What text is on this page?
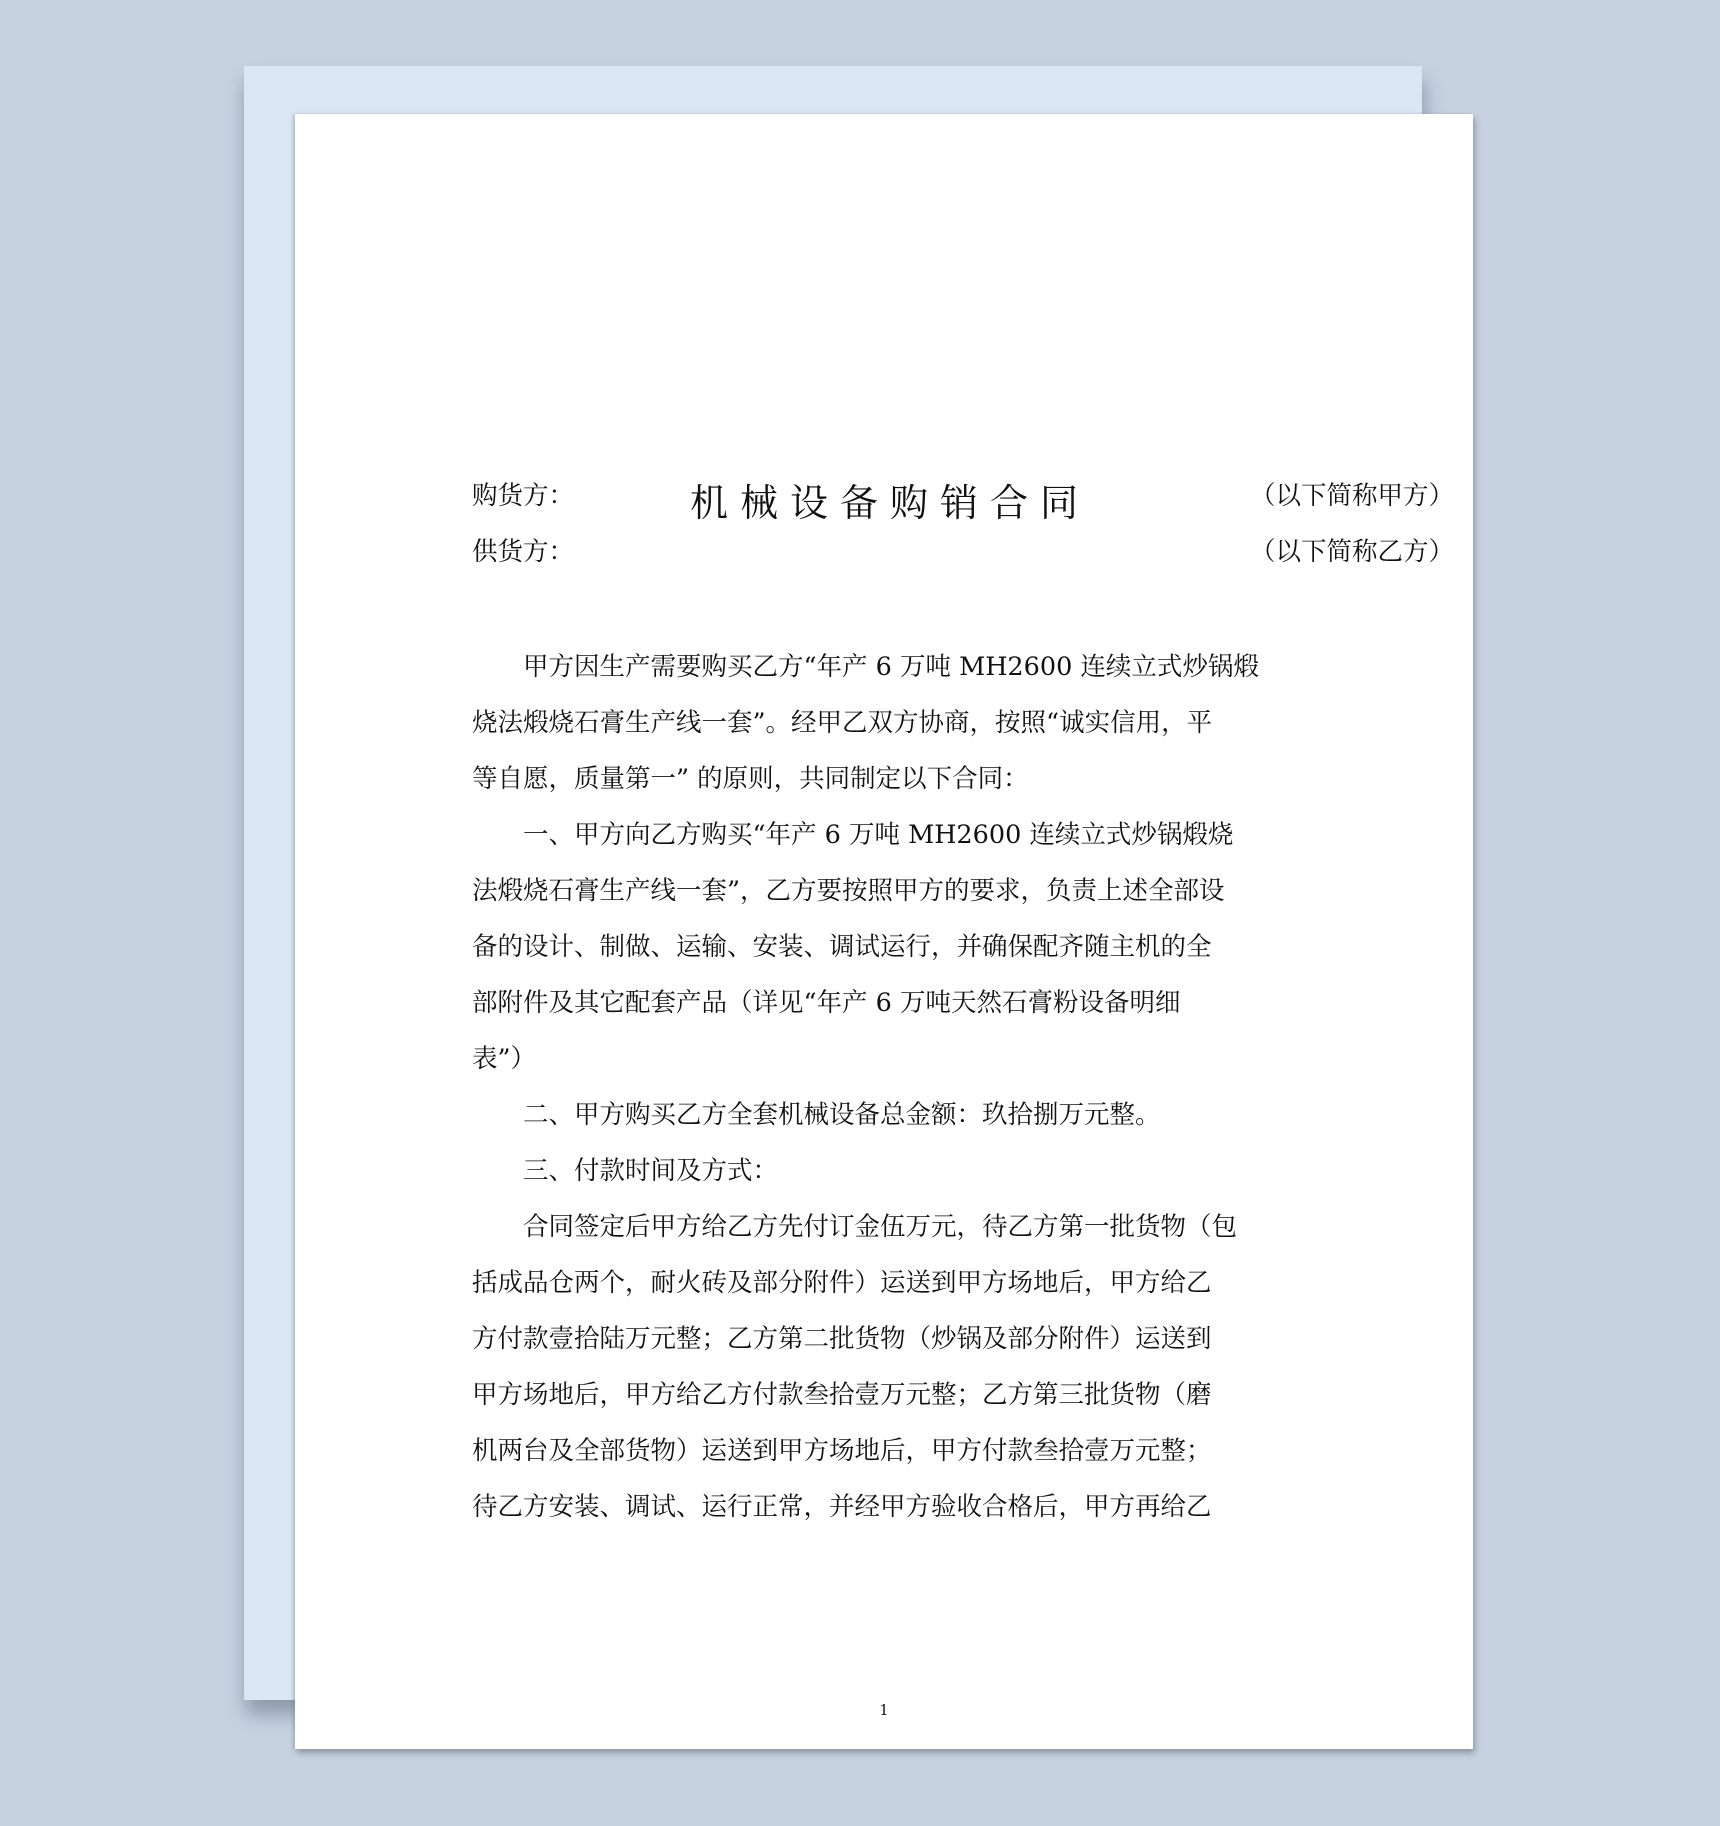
机械设备购销合同
购货方：	（以下简称甲方）
供货方：	（以下简称乙方）
　　甲方因生产需要购买乙方“年产 6 万吨 MH2600 连续立式炒锅煅
烧法煅烧石膏生产线一套”。经甲乙双方协商，按照“诚实信用，平
等自愿，质量第一” 的原则，共同制定以下合同：
　　一、甲方向乙方购买“年产 6 万吨 MH2600 连续立式炒锅煅烧
法煅烧石膏生产线一套”，乙方要按照甲方的要求，负责上述全部设
备的设计、制做、运输、安装、调试运行，并确保配齐随主机的全
部附件及其它配套产品（详见“年产 6 万吨天然石膏粉设备明细
表”）
　　二、甲方购买乙方全套机械设备总金额：玖拾捌万元整。
　　三、付款时间及方式：
　　合同签定后甲方给乙方先付订金伍万元，待乙方第一批货物（包
括成品仓两个，耐火砖及部分附件）运送到甲方场地后，甲方给乙
方付款壹拾陆万元整；乙方第二批货物（炒锅及部分附件）运送到
甲方场地后，甲方给乙方付款叁拾壹万元整；乙方第三批货物（磨
机两台及全部货物）运送到甲方场地后，甲方付款叁拾壹万元整；
待乙方安装、调试、运行正常，并经甲方验收合格后，甲方再给乙
1
